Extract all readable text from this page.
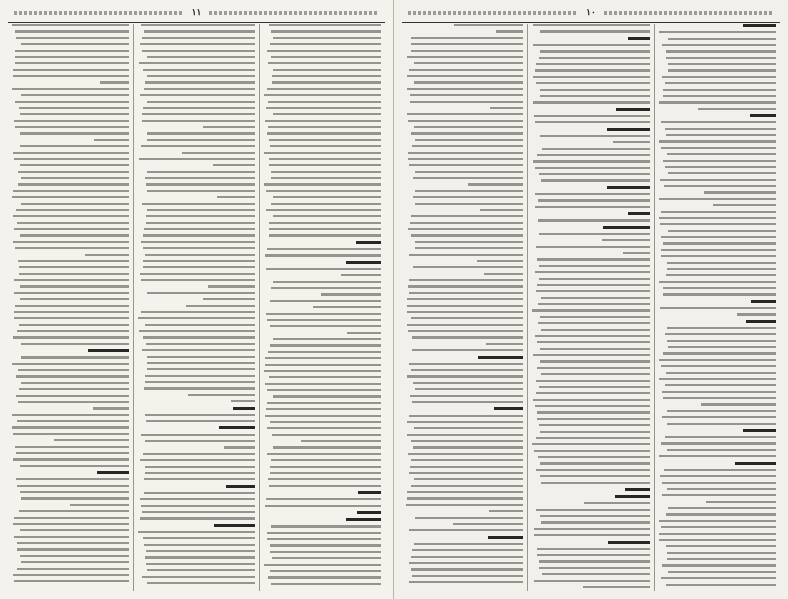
۱۱	۱۰
